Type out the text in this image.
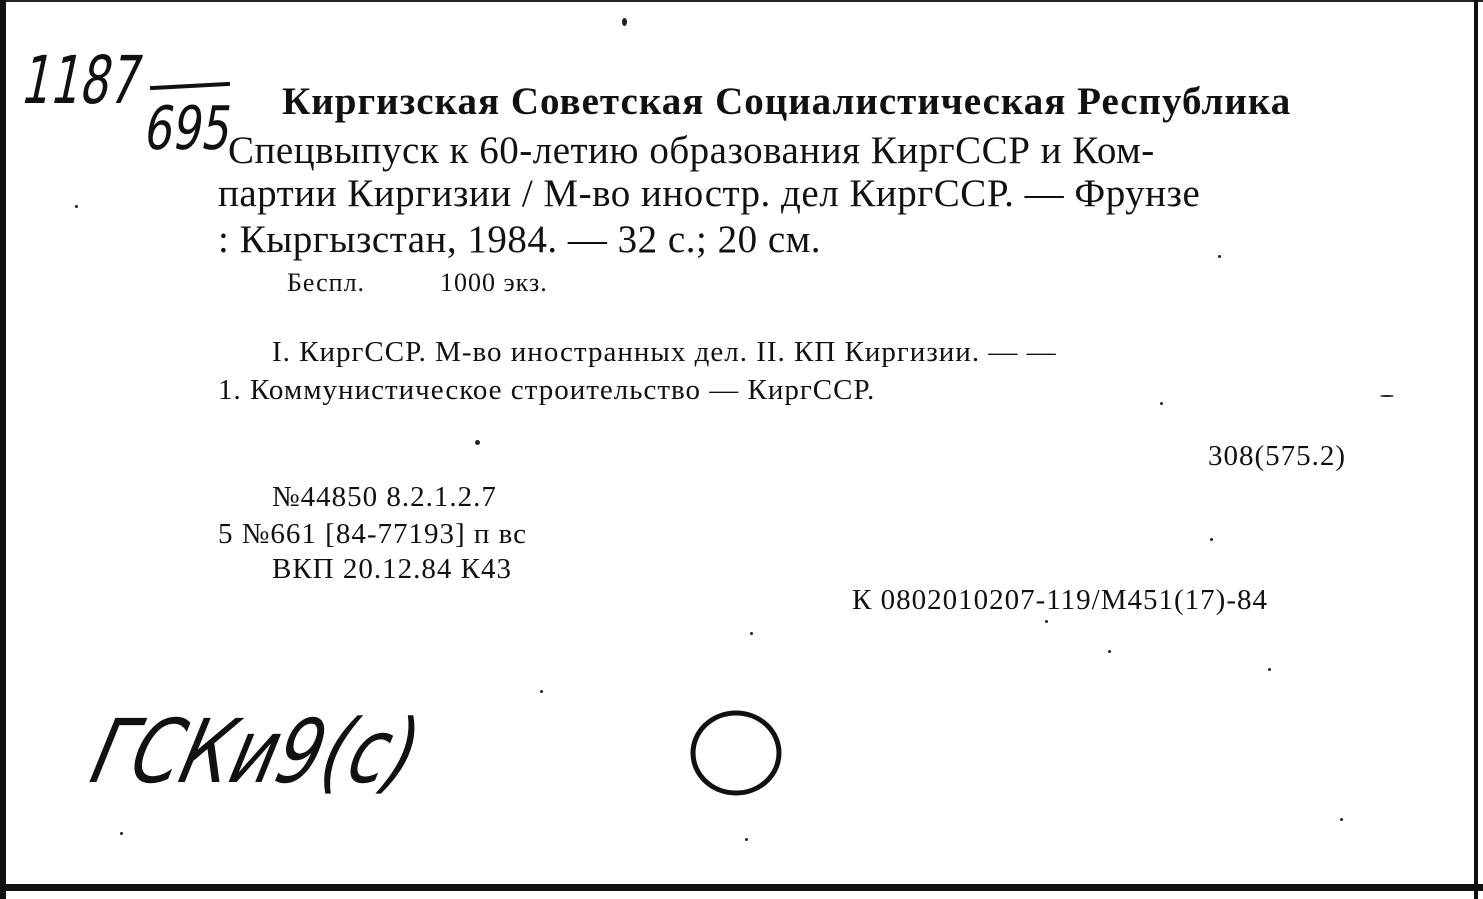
1187
695 Киргизская Советская Социалистическая Республика
Спецвыпуск к 60-летию образования КиргССР и Ком-
партии Киргизии / М-во иностр. дел КиргССР. — Фрунзе
: Кыргызстан, 1984. — 32 с.; 20 см.
Беспл.	1000 экз.
I. КиргССР. М-во иностранных дел. II. КП Киргизии. — —
1. Коммунистическое строительство — КиргССР.
308(575.2)
№44850 8.2.1.2.7
5 №661 [84-77193] п вс
ВКП 20.12.84 К43
К 0802010207-119/М451(17)-84
ГСКи9(с)
